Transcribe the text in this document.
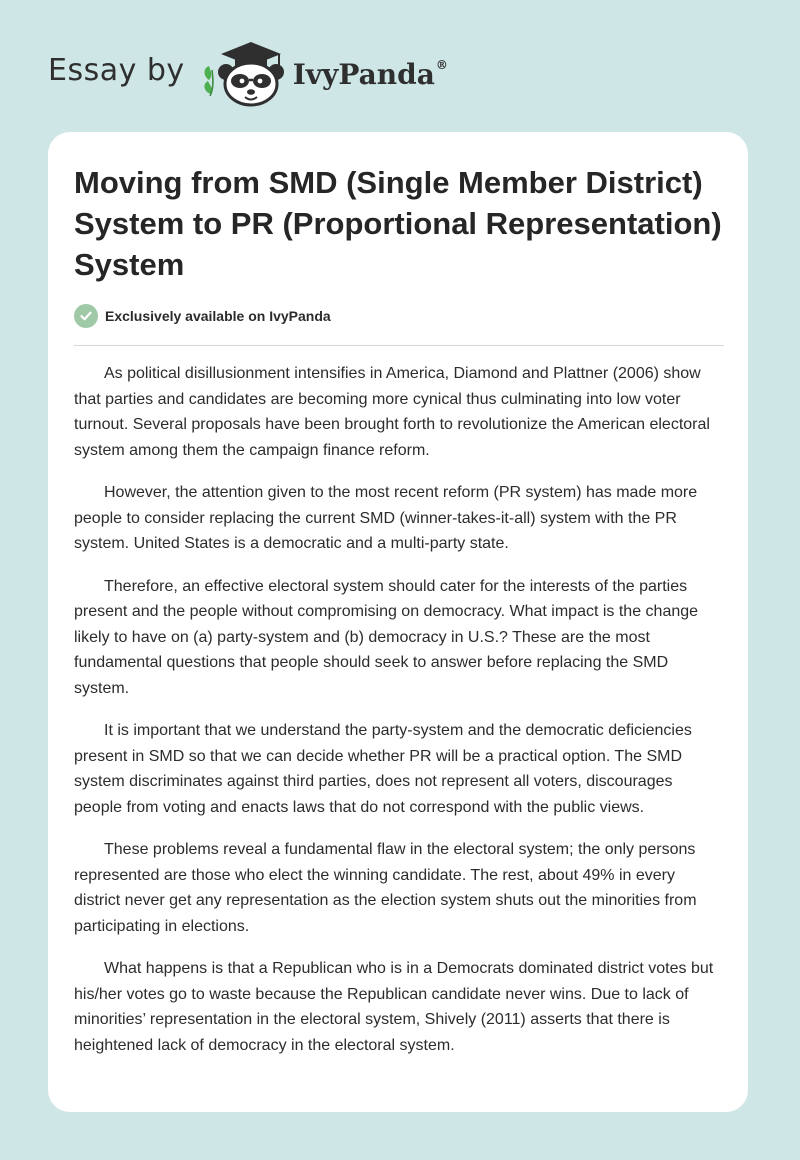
Essay by	IvyPanda®
Moving from SMD (Single Member District) System to PR (Proportional Representation) System
Exclusively available on IvyPanda

As political disillusionment intensifies in America, Diamond and Plattner (2006) show that parties and candidates are becoming more cynical thus culminating into low voter turnout. Several proposals have been brought forth to revolutionize the American electoral system among them the campaign finance reform.

However, the attention given to the most recent reform (PR system) has made more people to consider replacing the current SMD (winner-takes-it-all) system with the PR system. United States is a democratic and a multi-party state.

Therefore, an effective electoral system should cater for the interests of the parties present and the people without compromising on democracy. What impact is the change likely to have on (a) party-system and (b) democracy in U.S.? These are the most fundamental questions that people should seek to answer before replacing the SMD system.

It is important that we understand the party-system and the democratic deficiencies present in SMD so that we can decide whether PR will be a practical option. The SMD system discriminates against third parties, does not represent all voters, discourages people from voting and enacts laws that do not correspond with the public views.

These problems reveal a fundamental flaw in the electoral system; the only persons represented are those who elect the winning candidate. The rest, about 49% in every district never get any representation as the election system shuts out the minorities from participating in elections.

What happens is that a Republican who is in a Democrats dominated district votes but his/her votes go to waste because the Republican candidate never wins. Due to lack of minorities’ representation in the electoral system, Shively (2011) asserts that there is heightened lack of democracy in the electoral system.
